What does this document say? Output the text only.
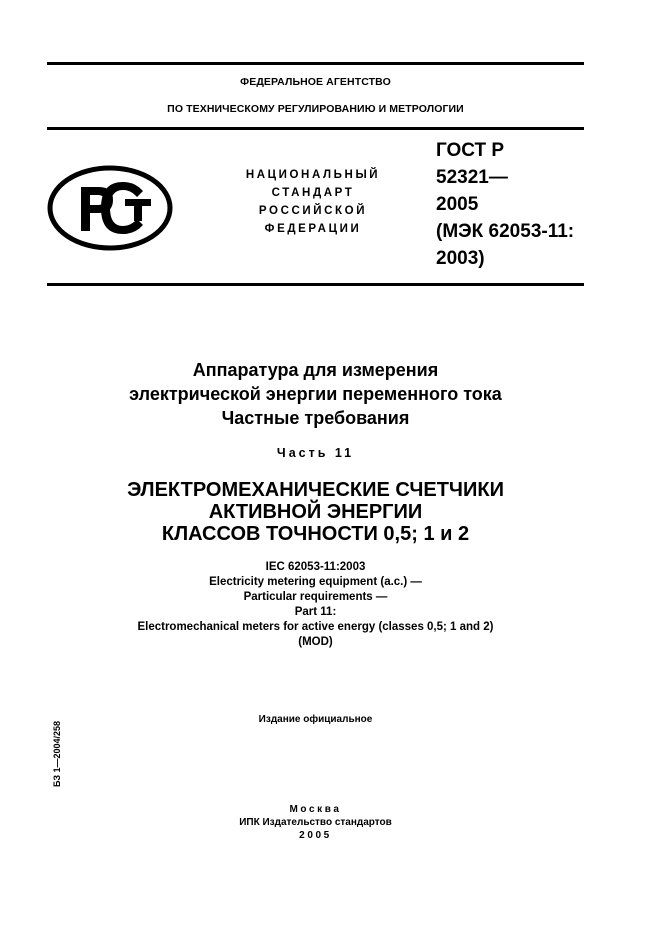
ФЕДЕРАЛЬНОЕ АГЕНТСТВО
ПО ТЕХНИЧЕСКОМУ РЕГУЛИРОВАНИЮ И МЕТРОЛОГИИ
НАЦИОНАЛЬНЫЙ
СТАНДАРТ
РОССИЙСКОЙ
ФЕДЕРАЦИИ
ГОСТ Р
52321—
2005
(МЭК 62053-11:
2003)
Аппаратура для измерения
электрической энергии переменного тока
Частные требования
Часть 11
ЭЛЕКТРОМЕХАНИЧЕСКИЕ СЧЕТЧИКИ
АКТИВНОЙ ЭНЕРГИИ
КЛАССОВ ТОЧНОСТИ 0,5; 1 и 2
IEC 62053-11:2003
Electricity metering equipment (a.c.) —
Particular requirements —
Part 11:
Electromechanical meters for active energy (classes 0,5; 1 and 2)
(MOD)
Издание официальное
БЗ 1—2004/258
Москва
ИПК Издательство стандартов
2005
